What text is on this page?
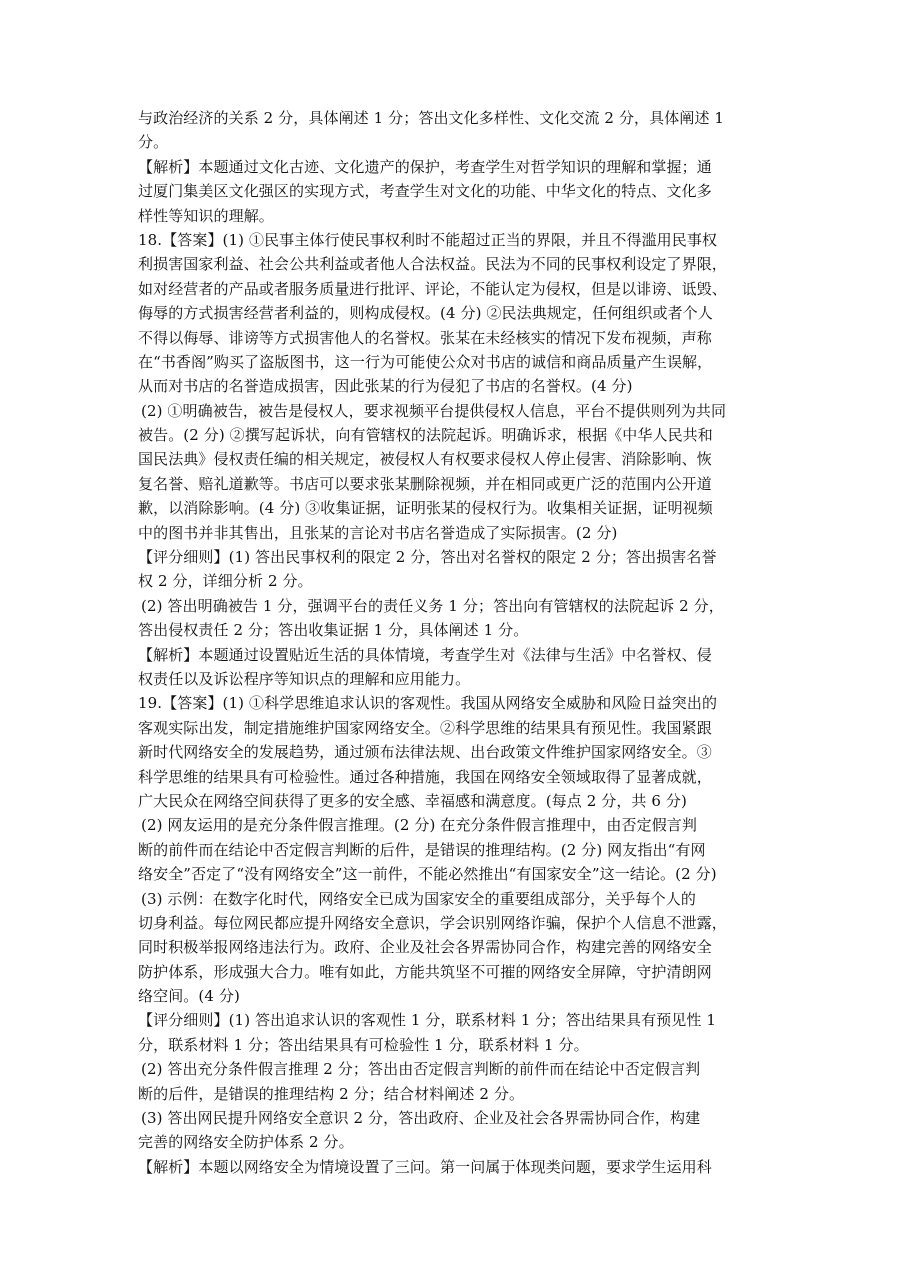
与政治经济的关系 2 分，具体阐述 1 分；答出文化多样性、文化交流 2 分，具体阐述 1
分。
【解析】本题通过文化古迹、文化遗产的保护，考查学生对哲学知识的理解和掌握；通
过厦门集美区文化强区的实现方式，考查学生对文化的功能、中华文化的特点、文化多
样性等知识的理解。
18.【答案】(1) ①民事主体行使民事权利时不能超过正当的界限，并且不得滥用民事权
利损害国家利益、社会公共利益或者他人合法权益。民法为不同的民事权利设定了界限，
如对经营者的产品或者服务质量进行批评、评论，不能认定为侵权，但是以诽谤、诋毁、
侮辱的方式损害经营者利益的，则构成侵权。(4 分) ②民法典规定，任何组织或者个人
不得以侮辱、诽谤等方式损害他人的名誉权。张某在未经核实的情况下发布视频，声称
在“书香阁”购买了盗版图书，这一行为可能使公众对书店的诚信和商品质量产生误解，
从而对书店的名誉造成损害，因此张某的行为侵犯了书店的名誉权。(4 分)
(2) ①明确被告，被告是侵权人，要求视频平台提供侵权人信息，平台不提供则列为共同
被告。(2 分) ②撰写起诉状，向有管辖权的法院起诉。明确诉求，根据《中华人民共和
国民法典》侵权责任编的相关规定，被侵权人有权要求侵权人停止侵害、消除影响、恢
复名誉、赔礼道歉等。书店可以要求张某删除视频，并在相同或更广泛的范围内公开道
歉，以消除影响。(4 分) ③收集证据，证明张某的侵权行为。收集相关证据，证明视频
中的图书并非其售出，且张某的言论对书店名誉造成了实际损害。(2 分)
【评分细则】(1) 答出民事权利的限定 2 分，答出对名誉权的限定 2 分；答出损害名誉
权 2 分，详细分析 2 分。
(2) 答出明确被告 1 分，强调平台的责任义务 1 分；答出向有管辖权的法院起诉 2 分，
答出侵权责任 2 分；答出收集证据 1 分，具体阐述 1 分。
【解析】本题通过设置贴近生活的具体情境，考查学生对《法律与生活》中名誉权、侵
权责任以及诉讼程序等知识点的理解和应用能力。
19.【答案】(1) ①科学思维追求认识的客观性。我国从网络安全威胁和风险日益突出的
客观实际出发，制定措施维护国家网络安全。②科学思维的结果具有预见性。我国紧跟
新时代网络安全的发展趋势，通过颁布法律法规、出台政策文件维护国家网络安全。③
科学思维的结果具有可检验性。通过各种措施，我国在网络安全领域取得了显著成就，
广大民众在网络空间获得了更多的安全感、幸福感和满意度。(每点 2 分，共 6 分)
(2) 网友运用的是充分条件假言推理。(2 分) 在充分条件假言推理中，由否定假言判
断的前件而在结论中否定假言判断的后件，是错误的推理结构。(2 分) 网友指出“有网
络安全”否定了“没有网络安全”这一前件，不能必然推出“有国家安全”这一结论。(2 分)
(3) 示例：在数字化时代，网络安全已成为国家安全的重要组成部分，关乎每个人的
切身利益。每位网民都应提升网络安全意识，学会识别网络诈骗，保护个人信息不泄露，
同时积极举报网络违法行为。政府、企业及社会各界需协同合作，构建完善的网络安全
防护体系，形成强大合力。唯有如此，方能共筑坚不可摧的网络安全屏障，守护清朗网
络空间。(4 分)
【评分细则】(1) 答出追求认识的客观性 1 分，联系材料 1 分；答出结果具有预见性 1
分，联系材料 1 分；答出结果具有可检验性 1 分，联系材料 1 分。
(2) 答出充分条件假言推理 2 分；答出由否定假言判断的前件而在结论中否定假言判
断的后件，是错误的推理结构 2 分；结合材料阐述 2 分。
(3) 答出网民提升网络安全意识 2 分，答出政府、企业及社会各界需协同合作，构建
完善的网络安全防护体系 2 分。
【解析】本题以网络安全为情境设置了三问。第一问属于体现类问题，要求学生运用科
